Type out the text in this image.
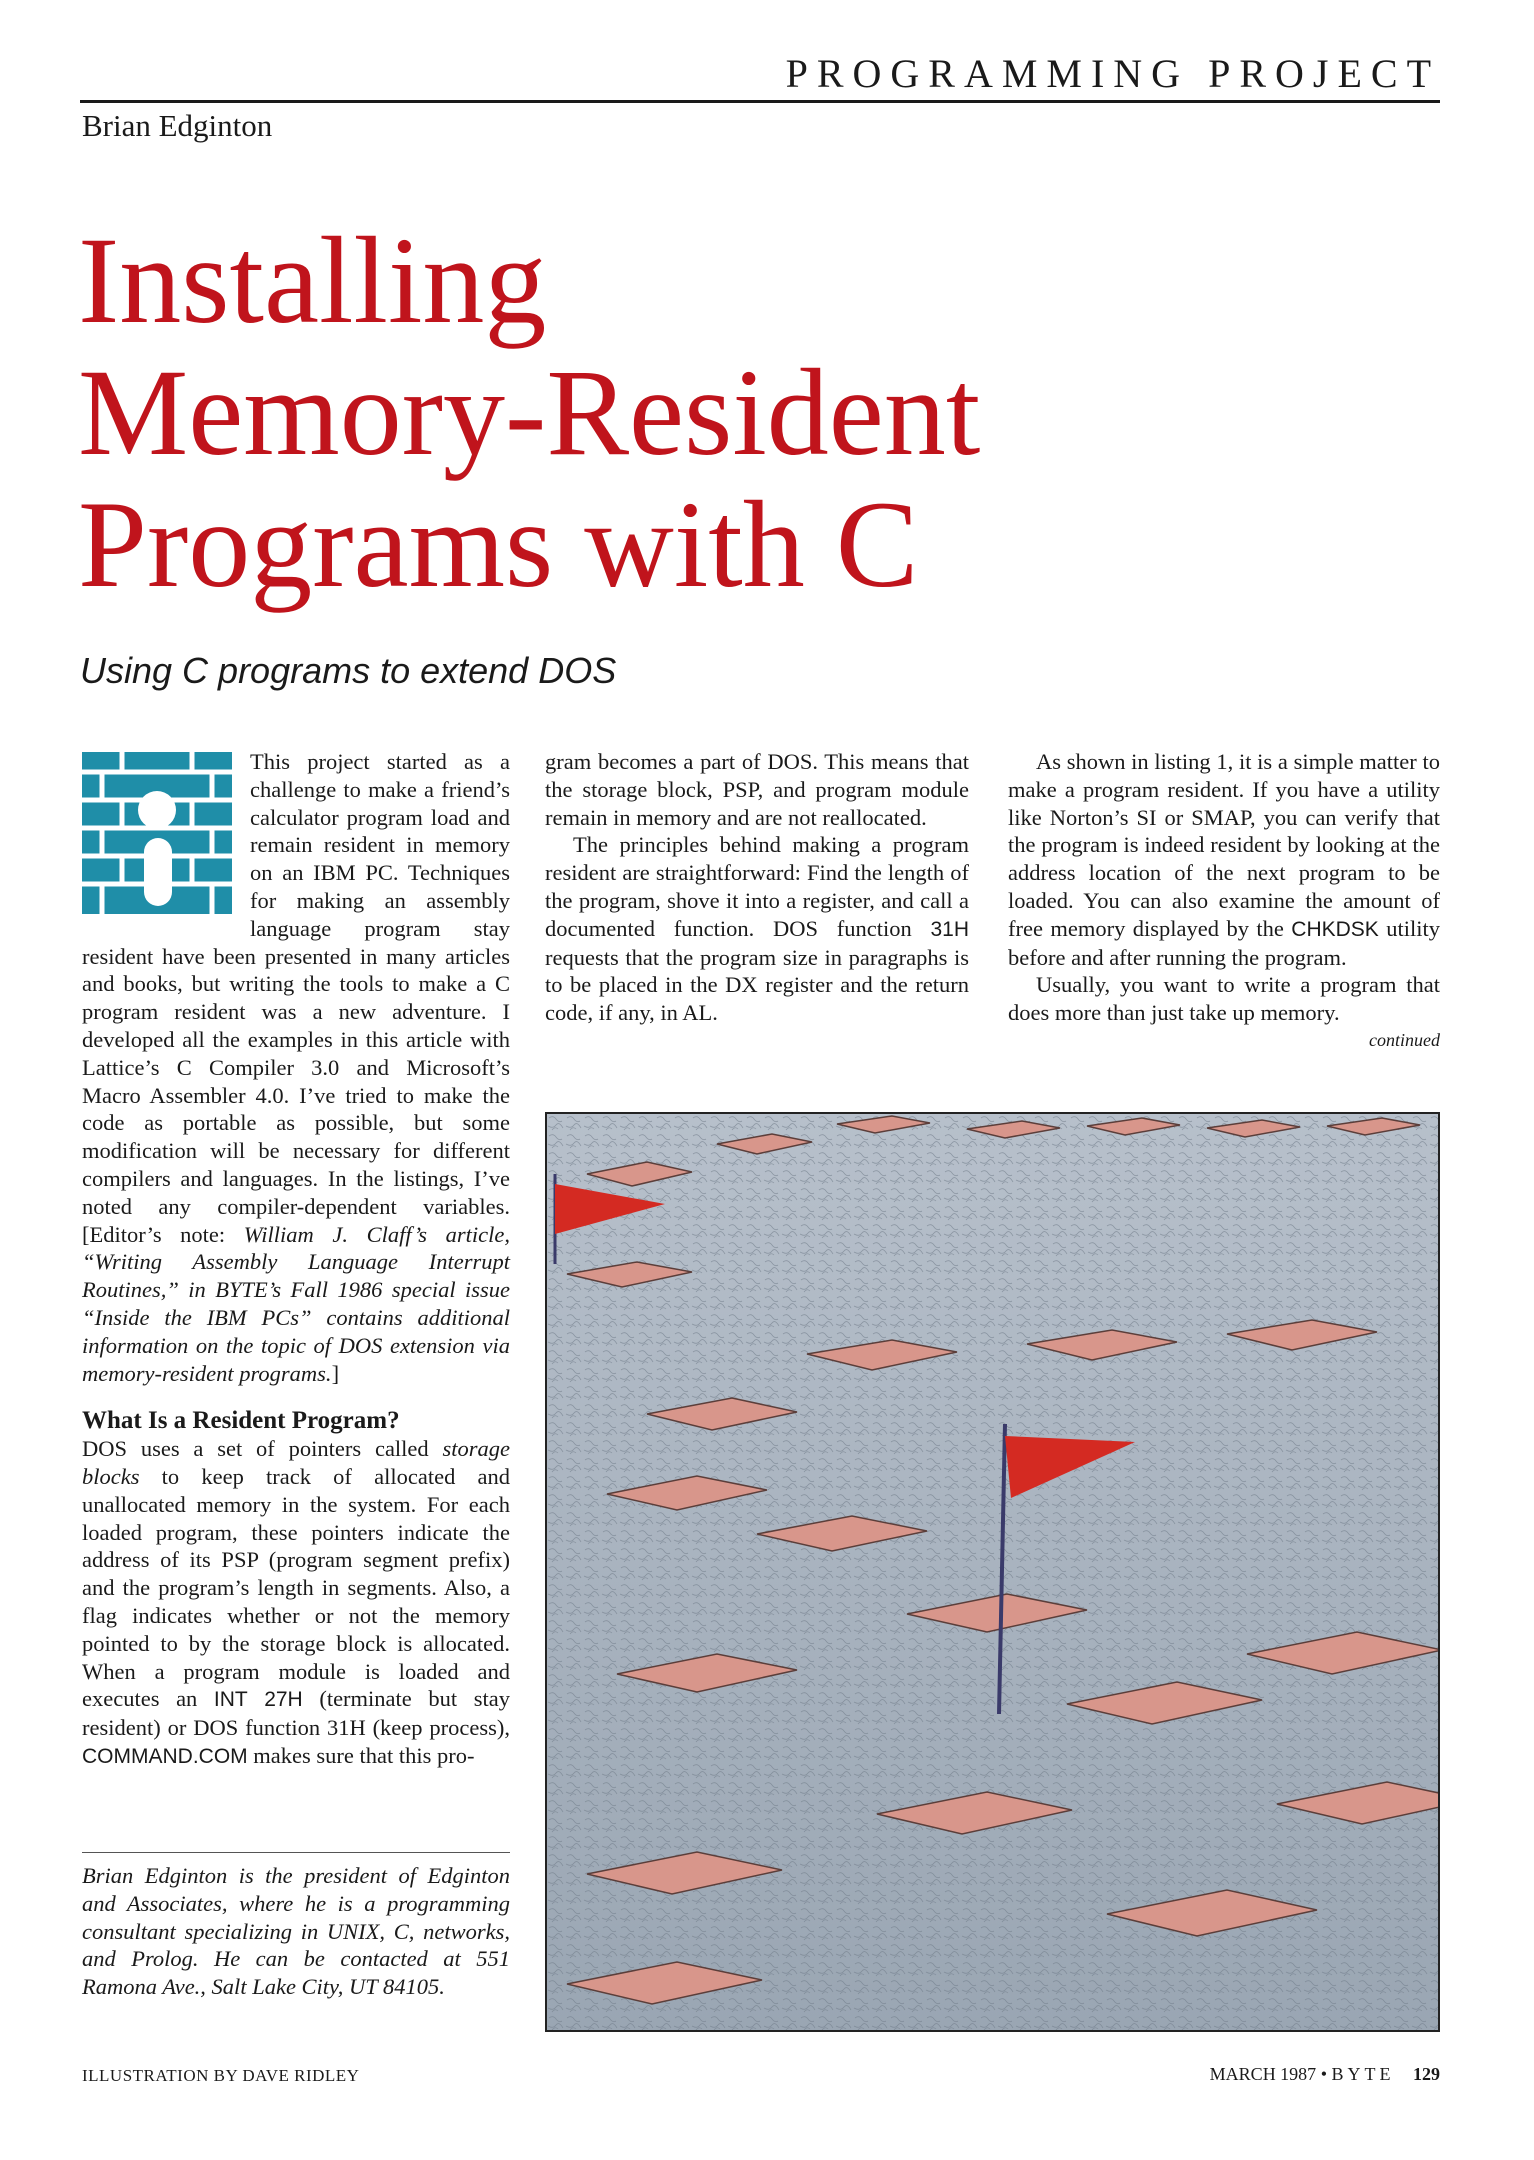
PROGRAMMING PROJECT
Brian Edginton
Installing
Memory-Resident
Programs with C
Using C programs to extend DOS

This project started as a challenge to make a friend’s calculator program load and remain resident in memory on an IBM PC. Techniques for making an assembly language program stay resident have been presented in many articles and books, but writing the tools to make a C program resident was a new adventure. I developed all the examples in this article with Lattice’s C Compiler 3.0 and Microsoft’s Macro Assembler 4.0. I’ve tried to make the code as portable as possible, but some modification will be necessary for different compilers and languages. In the listings, I’ve noted any compiler-dependent variables. [Editor’s note: William J. Claff’s article, “Writing Assembly Language Interrupt Routines,” in BYTE’s Fall 1986 special issue “Inside the IBM PCs” contains additional information on the topic of DOS extension via memory-resident programs.]

What Is a Resident Program?

DOS uses a set of pointers called storage blocks to keep track of allocated and unallocated memory in the system. For each loaded program, these pointers indicate the address of its PSP (program segment prefix) and the program’s length in segments. Also, a flag indicates whether or not the memory pointed to by the storage block is allocated. When a program module is loaded and executes an INT 27H (terminate but stay resident) or DOS function 31H (keep process), COMMAND.COM makes sure that this pro-

Brian Edginton is the president of Edginton and Associates, where he is a programming consultant specializing in UNIX, C, networks, and Prolog. He can be contacted at 551 Ramona Ave., Salt Lake City, UT 84105.

gram becomes a part of DOS. This means that the storage block, PSP, and program module remain in memory and are not reallocated.

The principles behind making a program resident are straightforward: Find the length of the program, shove it into a register, and call a documented function. DOS function 31H requests that the program size in paragraphs is to be placed in the DX register and the return code, if any, in AL.

As shown in listing 1, it is a simple matter to make a program resident. If you have a utility like Norton’s SI or SMAP, you can verify that the program is indeed resident by looking at the address location of the next program to be loaded. You can also examine the amount of free memory displayed by the CHKDSK utility before and after running the program.

Usually, you want to write a program that does more than just take up memory.

continued

ILLUSTRATION BY DAVE RIDLEY	MARCH 1987 • BYTE 129
